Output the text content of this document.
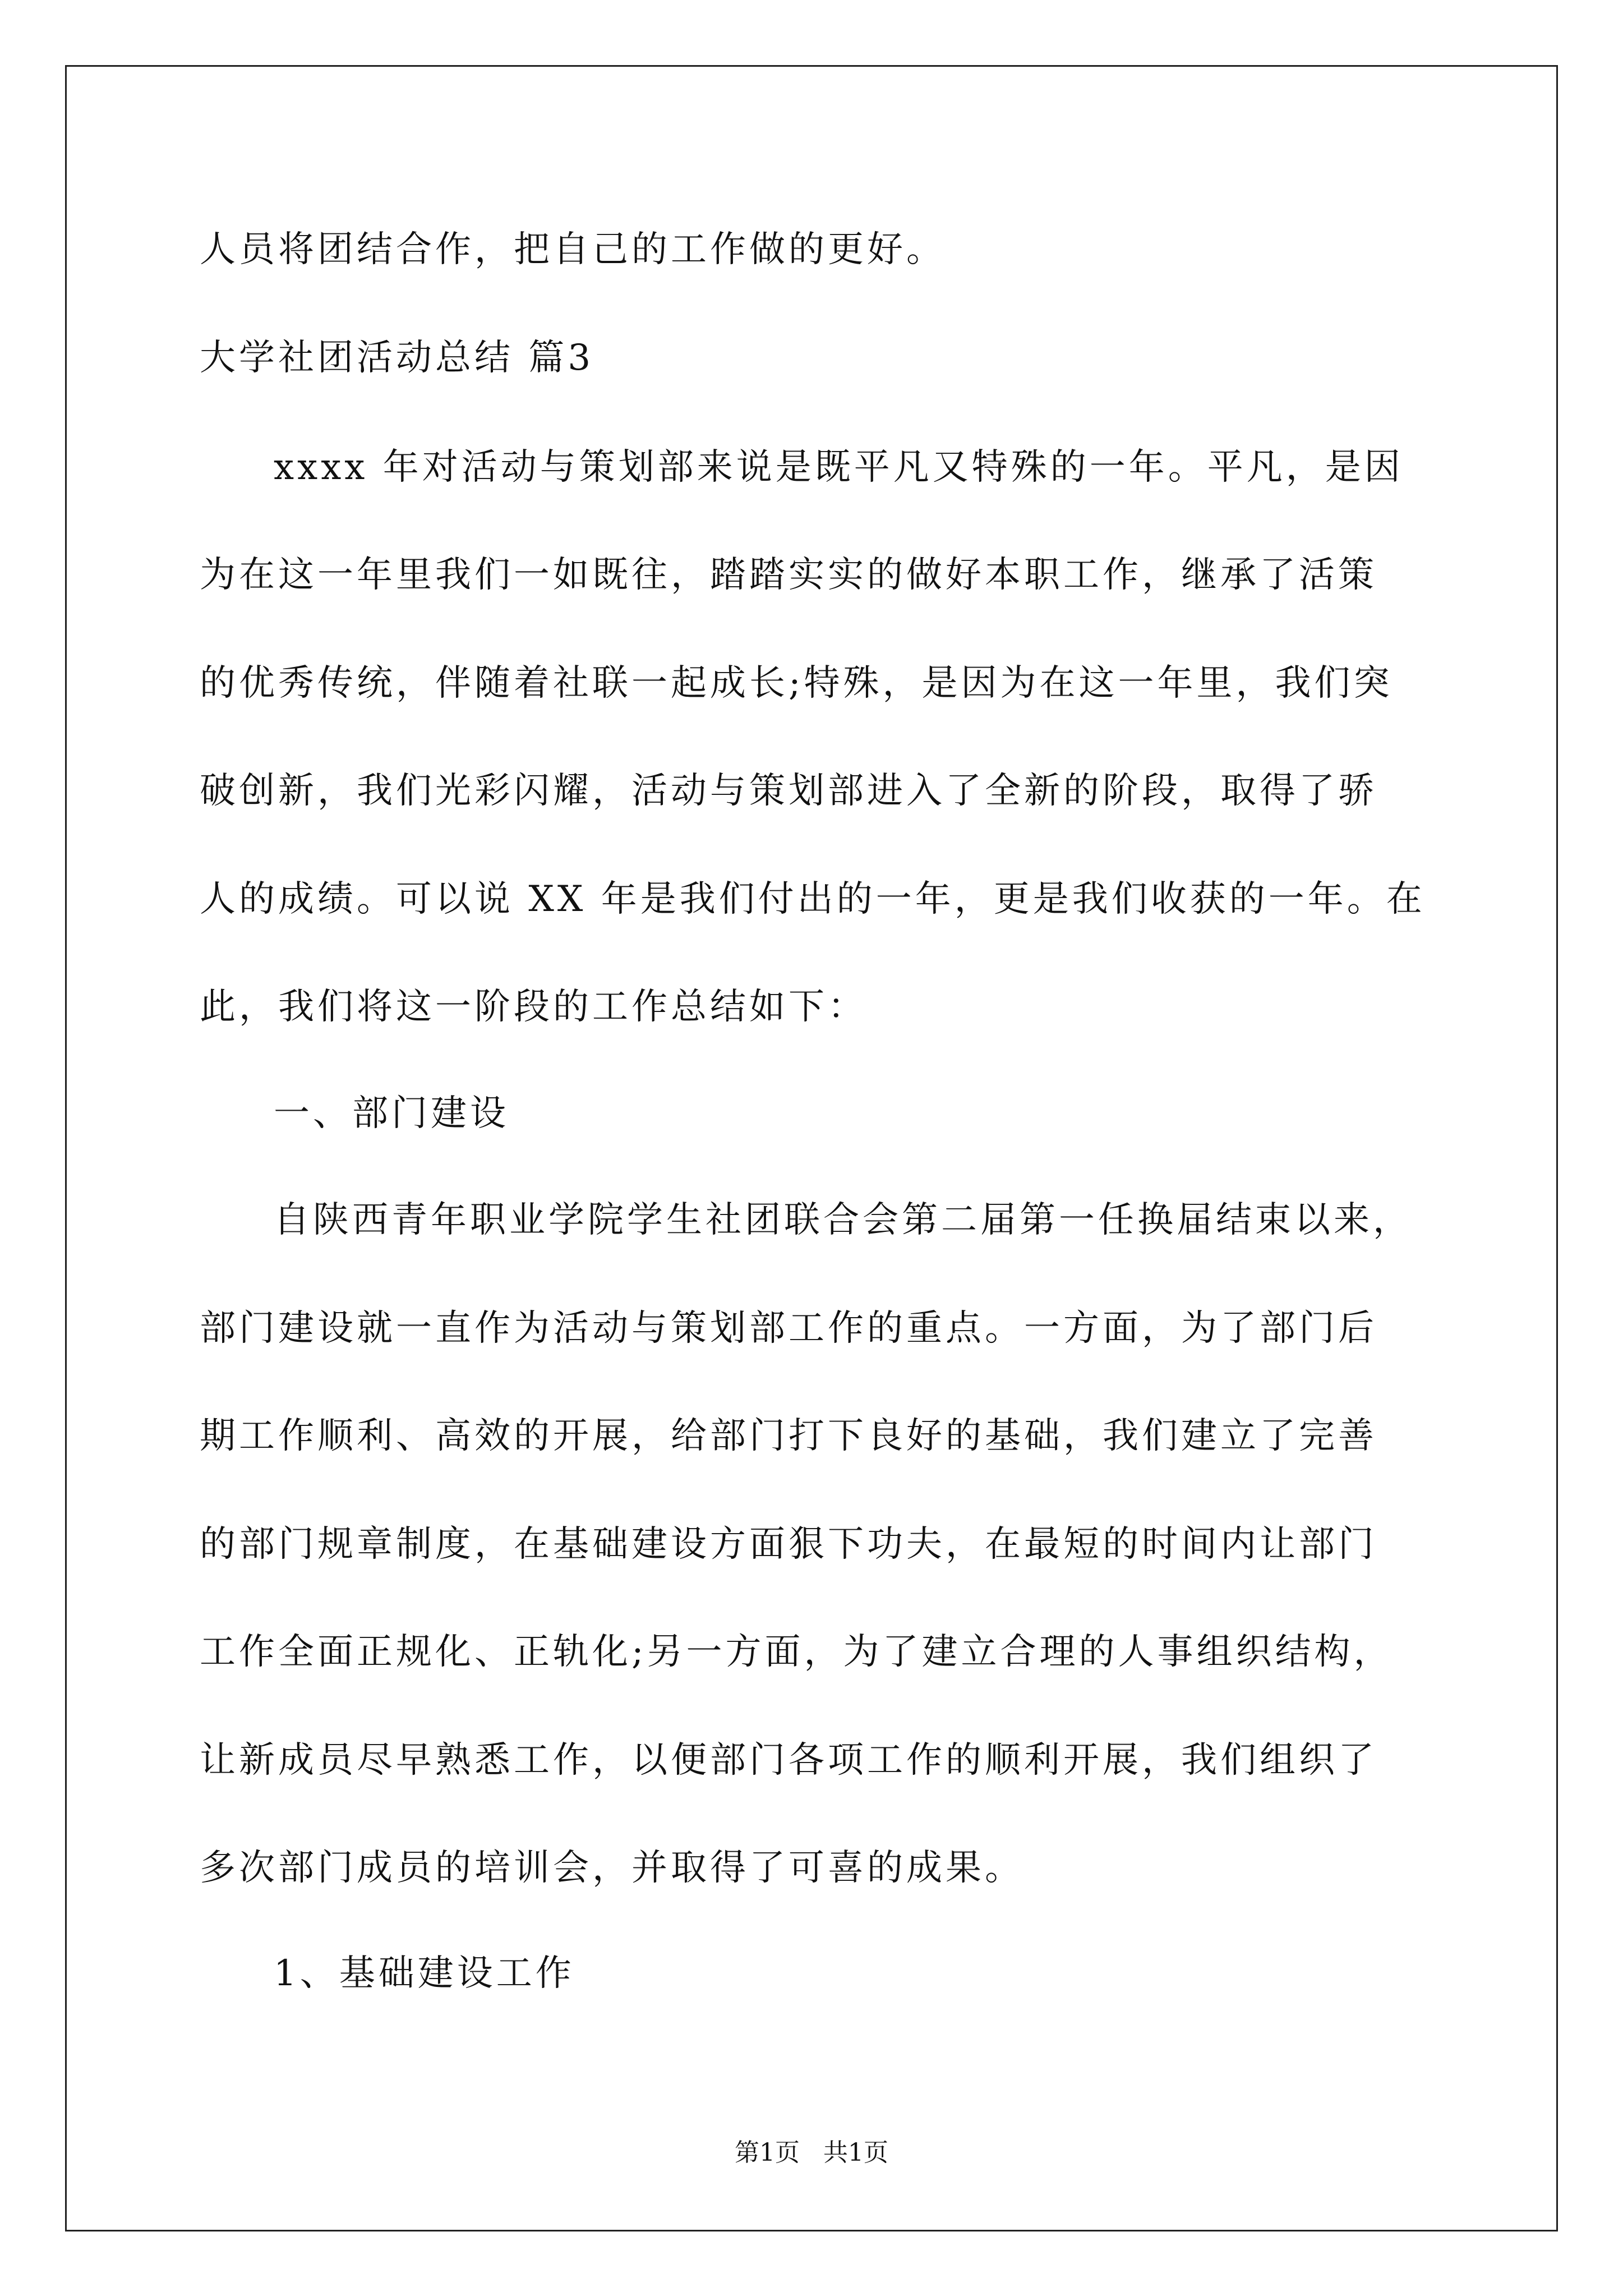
人员将团结合作，把自己的工作做的更好。
大学社团活动总结 篇3
xxxx 年对活动与策划部来说是既平凡又特殊的一年。平凡，是因
为在这一年里我们一如既往，踏踏实实的做好本职工作，继承了活策
的优秀传统，伴随着社联一起成长;特殊，是因为在这一年里，我们突
破创新，我们光彩闪耀，活动与策划部进入了全新的阶段，取得了骄
人的成绩。可以说 XX 年是我们付出的一年，更是我们收获的一年。在
此，我们将这一阶段的工作总结如下：
一、部门建设
自陕西青年职业学院学生社团联合会第二届第一任换届结束以来，
部门建设就一直作为活动与策划部工作的重点。一方面，为了部门后
期工作顺利、高效的开展，给部门打下良好的基础，我们建立了完善
的部门规章制度，在基础建设方面狠下功夫，在最短的时间内让部门
工作全面正规化、正轨化;另一方面，为了建立合理的人事组织结构，
让新成员尽早熟悉工作，以便部门各项工作的顺利开展，我们组织了
多次部门成员的培训会，并取得了可喜的成果。
1、基础建设工作
第1页   共1页
